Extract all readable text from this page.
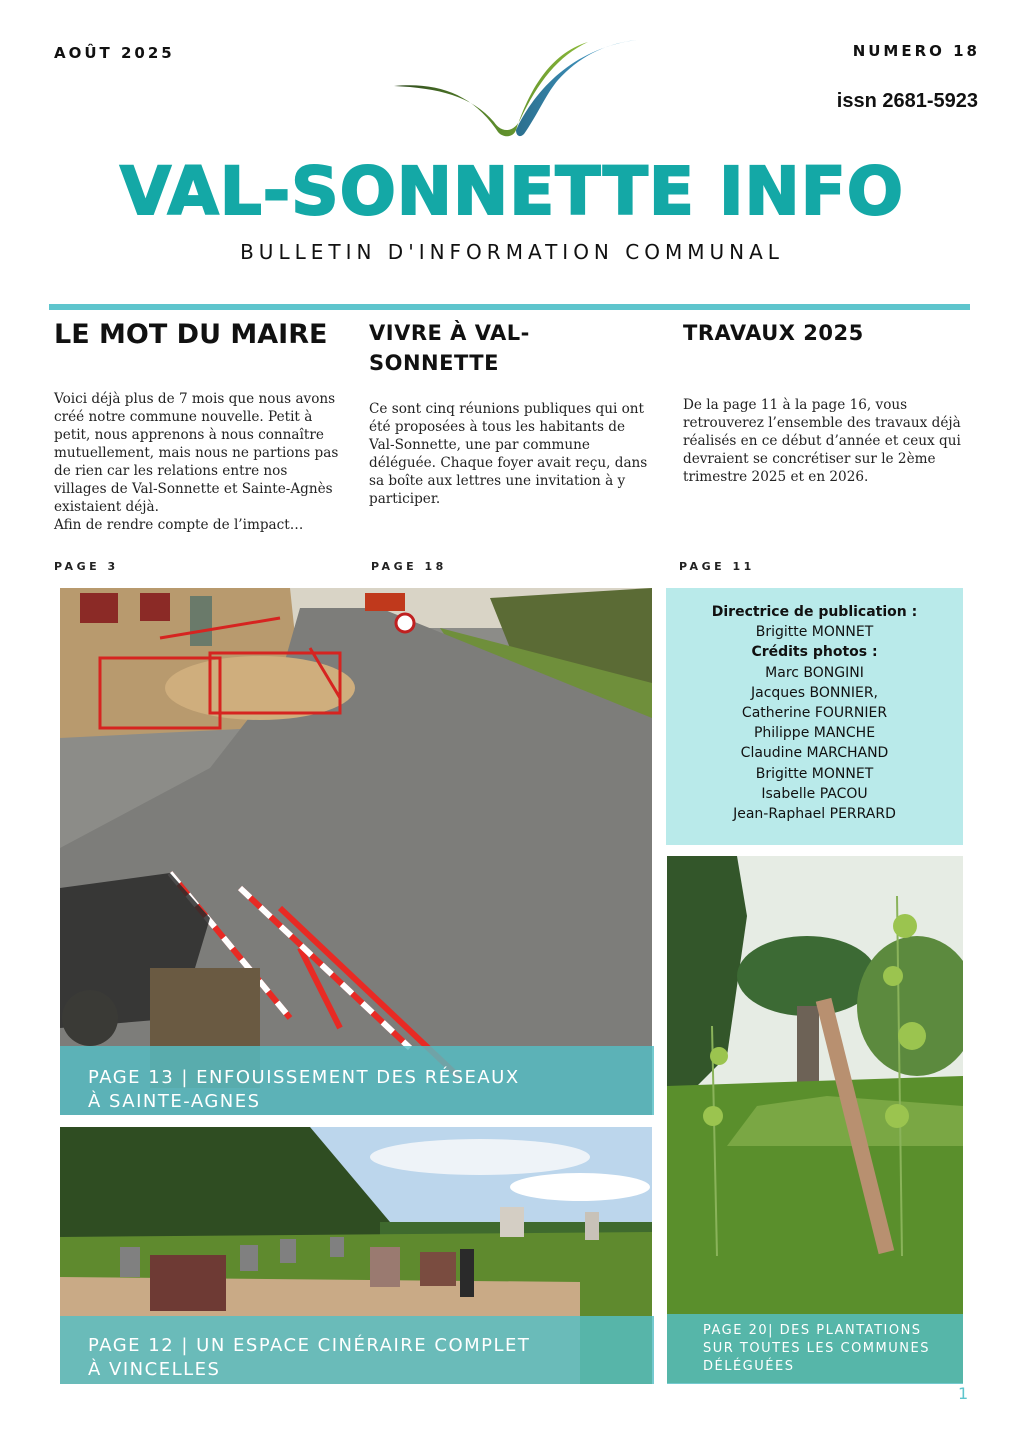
AOÛT 2025	NUMERO 18
issn 2681-5923
VAL-SONNETTE INFO
BULLETIN D'INFORMATION COMMUNAL
LE MOT DU MAIRE
Voici déjà plus de 7 mois que nous avons créé notre commune nouvelle. Petit à petit, nous apprenons à nous connaître mutuellement, mais nous ne partions pas de rien car les relations entre nos villages de Val-Sonnette et Sainte-Agnès existaient déjà.
Afin de rendre compte de l’impact…
PAGE 3
VIVRE À VAL-SONNETTE
Ce sont cinq réunions publiques qui ont été proposées à tous les habitants de Val-Sonnette, une par commune déléguée. Chaque foyer avait reçu, dans sa boîte aux lettres une invitation à y participer.
PAGE 18
TRAVAUX 2025
De la page 11 à la page 16, vous retrouverez l’ensemble des travaux déjà réalisés en ce début d’année et ceux qui devraient se concrétiser sur le 2ème trimestre 2025 et en 2026.
PAGE 11
PAGE 13 | ENFOUISSEMENT DES RÉSEAUX
À SAINTE-AGNES
PAGE 12 | UN ESPACE CINÉRAIRE COMPLET
À VINCELLES
Directrice de publication :
Brigitte MONNET
Crédits photos :
Marc BONGINI
Jacques BONNIER,
Catherine FOURNIER
Philippe MANCHE
Claudine MARCHAND
Brigitte MONNET
Isabelle PACOU
Jean-Raphael PERRARD
PAGE 20| DES PLANTATIONS
SUR TOUTES LES COMMUNES
DÉLÉGUÉES
1
